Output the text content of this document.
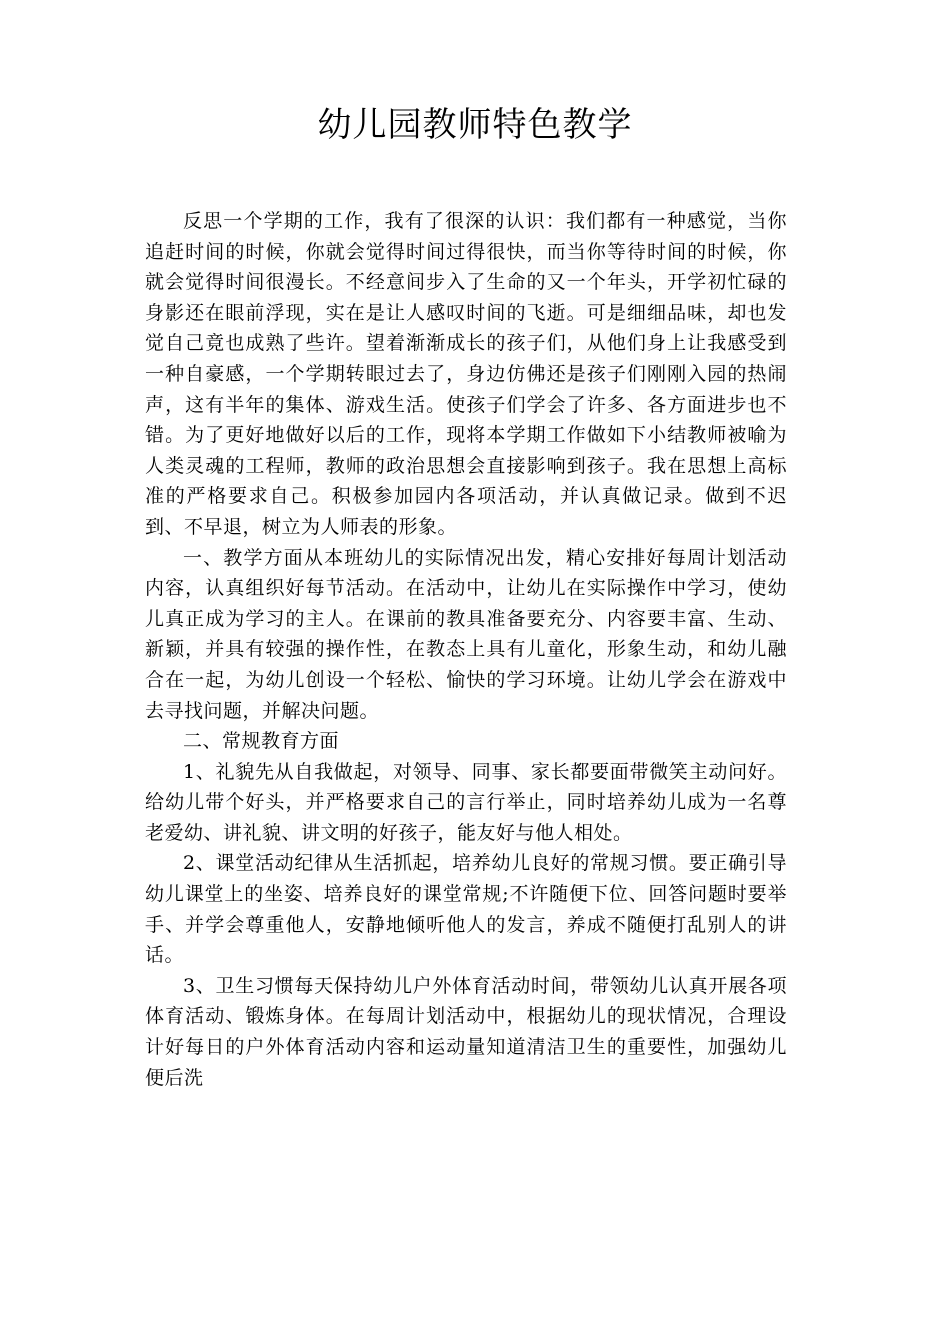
幼儿园教师特色教学

反思一个学期的工作，我有了很深的认识：我们都有一种感觉，当你追赶时间的时候，你就会觉得时间过得很快，而当你等待时间的时候，你就会觉得时间很漫长。不经意间步入了生命的又一个年头，开学初忙碌的身影还在眼前浮现，实在是让人感叹时间的飞逝。可是细细品味，却也发觉自己竟也成熟了些许。望着渐渐成长的孩子们，从他们身上让我感受到一种自豪感，一个学期转眼过去了，身边仿佛还是孩子们刚刚入园的热闹声，这有半年的集体、游戏生活。使孩子们学会了许多、各方面进步也不错。为了更好地做好以后的工作，现将本学期工作做如下小结教师被喻为人类灵魂的工程师，教师的政治思想会直接影响到孩子。我在思想上高标准的严格要求自己。积极参加园内各项活动，并认真做记录。做到不迟到、不早退，树立为人师表的形象。

一、教学方面从本班幼儿的实际情况出发，精心安排好每周计划活动内容，认真组织好每节活动。在活动中，让幼儿在实际操作中学习，使幼儿真正成为学习的主人。在课前的教具准备要充分、内容要丰富、生动、新颖，并具有较强的操作性，在教态上具有儿童化，形象生动，和幼儿融合在一起，为幼儿创设一个轻松、愉快的学习环境。让幼儿学会在游戏中去寻找问题，并解决问题。

二、常规教育方面

1、礼貌先从自我做起，对领导、同事、家长都要面带微笑主动问好。给幼儿带个好头，并严格要求自己的言行举止，同时培养幼儿成为一名尊老爱幼、讲礼貌、讲文明的好孩子，能友好与他人相处。

2、课堂活动纪律从生活抓起，培养幼儿良好的常规习惯。要正确引导幼儿课堂上的坐姿、培养良好的课堂常规;不许随便下位、回答问题时要举手、并学会尊重他人，安静地倾听他人的发言，养成不随便打乱别人的讲话。

3、卫生习惯每天保持幼儿户外体育活动时间，带领幼儿认真开展各项体育活动、锻炼身体。在每周计划活动中，根据幼儿的现状情况，合理设计好每日的户外体育活动内容和运动量知道清洁卫生的重要性，加强幼儿便后洗
